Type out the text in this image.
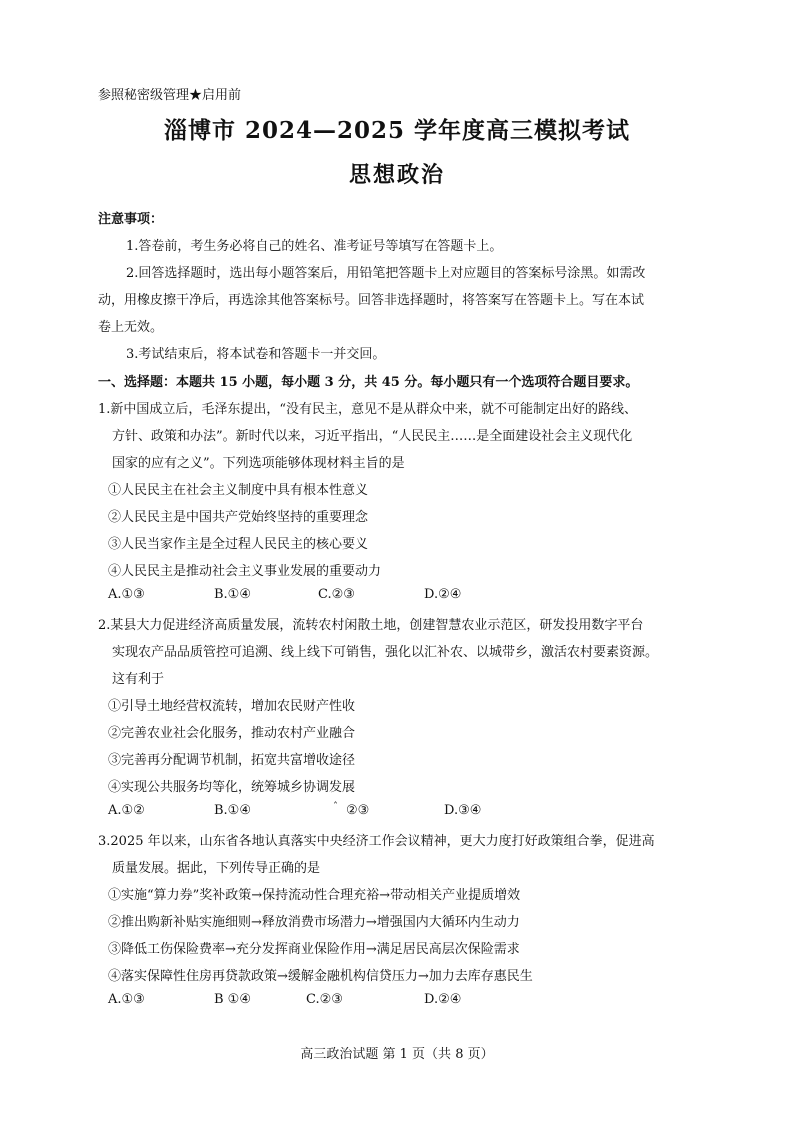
参照秘密级管理★启用前
淄博市 2024—2025 学年度高三模拟考试
思想政治
注意事项：
1.答卷前，考生务必将自己的姓名、准考证号等填写在答题卡上。
2.回答选择题时，选出每小题答案后，用铅笔把答题卡上对应题目的答案标号涂黑。如需改
动，用橡皮擦干净后，再选涂其他答案标号。回答非选择题时，将答案写在答题卡上。写在本试
卷上无效。
3.考试结束后，将本试卷和答题卡一并交回。
一、选择题：本题共 15 小题，每小题 3 分，共 45 分。每小题只有一个选项符合题目要求。
1.新中国成立后，毛泽东提出，“没有民主，意见不是从群众中来，就不可能制定出好的路线、
方针、政策和办法”。新时代以来，习近平指出，“人民民主……是全面建设社会主义现代化
国家的应有之义”。下列选项能够体现材料主旨的是
①人民民主在社会主义制度中具有根本性意义
②人民民主是中国共产党始终坚持的重要理念
③人民当家作主是全过程人民民主的核心要义
④人民民主是推动社会主义事业发展的重要动力
A.①③	B.①④	C.②③	D.②④
2.某县大力促进经济高质量发展，流转农村闲散土地，创建智慧农业示范区，研发投用数字平台
实现农产品品质管控可追溯、线上线下可销售，强化以汇补农、以城带乡，激活农村要素资源。
这有利于
①引导土地经营权流转，增加农民财产性收
②完善农业社会化服务，推动农村产业融合
③完善再分配调节机制，拓宽共富增收途径
④实现公共服务均等化，统筹城乡协调发展
ˆ
A.①②	B.①④	②③	D.③④
3.2025 年以来，山东省各地认真落实中央经济工作会议精神，更大力度打好政策组合拳，促进高
质量发展。据此，下列传导正确的是
①实施“算力券”奖补政策→保持流动性合理充裕→带动相关产业提质增效
②推出购新补贴实施细则→释放消费市场潜力→增强国内大循环内生动力
③降低工伤保险费率→充分发挥商业保险作用→满足居民高层次保险需求
④落实保障性住房再贷款政策→缓解金融机构信贷压力→加力去库存惠民生
A.①③	B ①④	C.②③	D.②④
高三政治试题 第 1 页（共 8 页）
